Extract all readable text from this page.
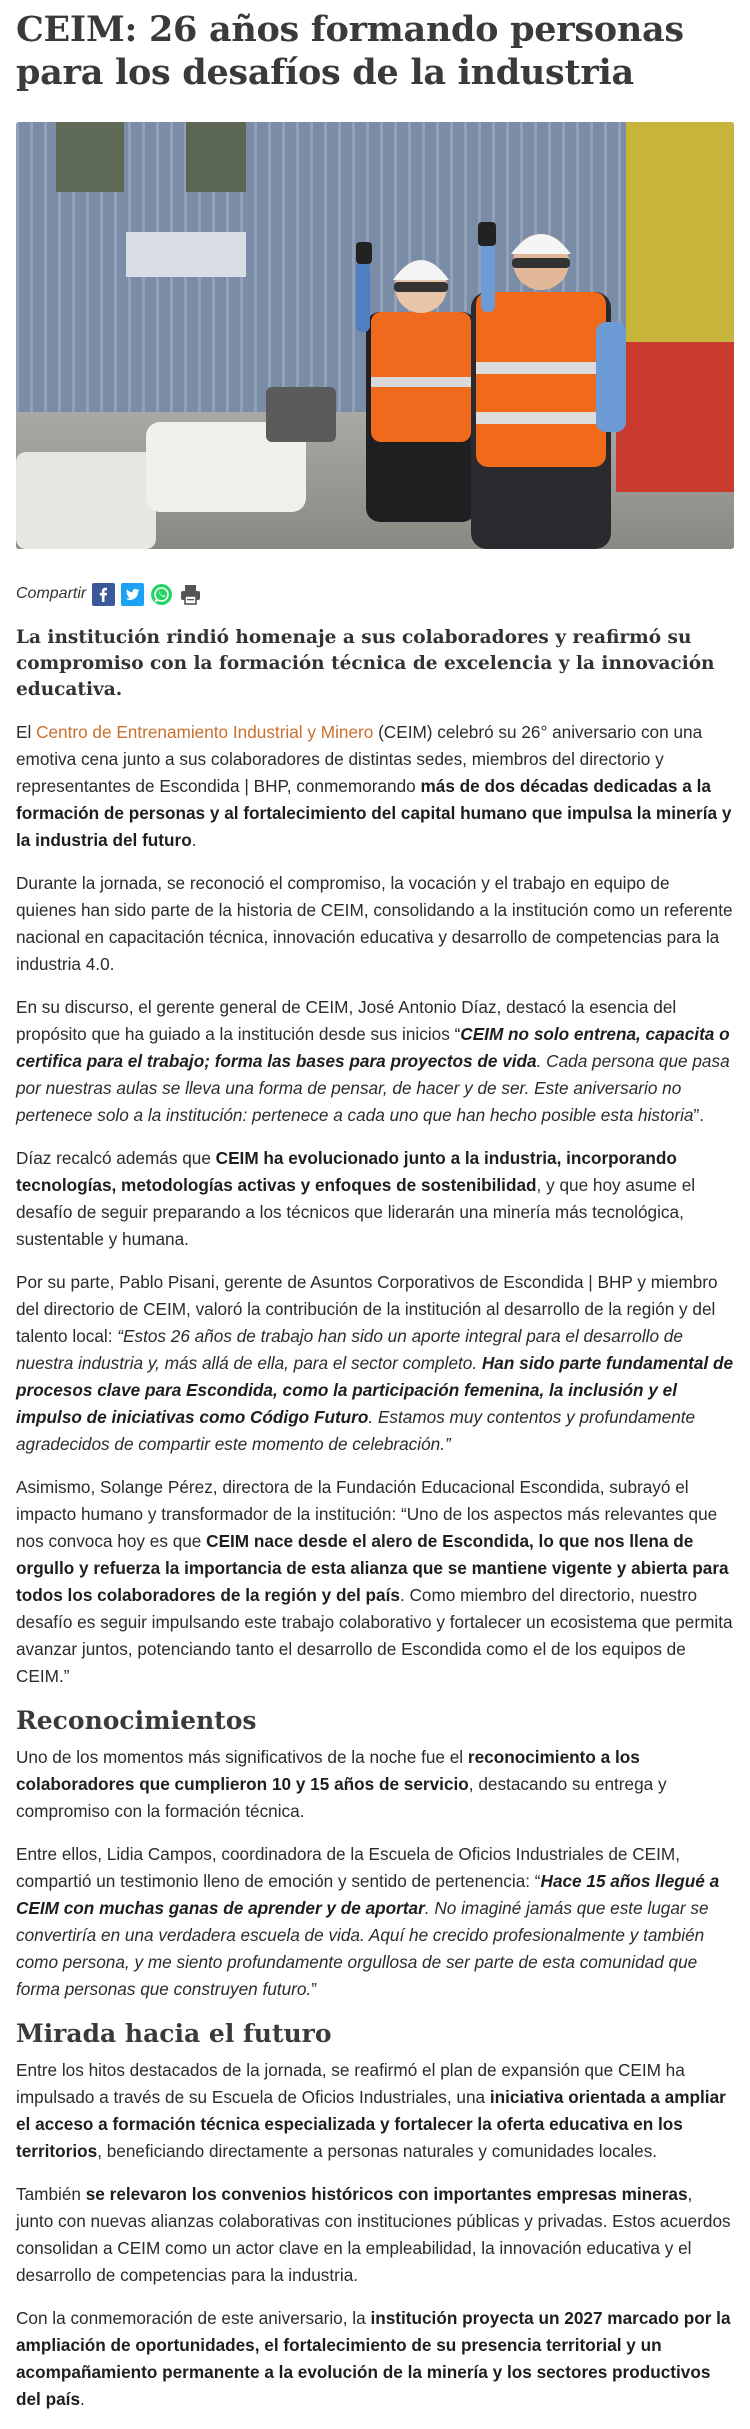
CEIM: 26 años formando personas para los desafíos de la industria
Compartir

La institución rindió homenaje a sus colaboradores y reafirmó su compromiso con la formación técnica de excelencia y la innovación educativa.

El Centro de Entrenamiento Industrial y Minero (CEIM) celebró su 26° aniversario con una emotiva cena junto a sus colaboradores de distintas sedes, miembros del directorio y representantes de Escondida | BHP, conmemorando más de dos décadas dedicadas a la formación de personas y al fortalecimiento del capital humano que impulsa la minería y la industria del futuro.

Durante la jornada, se reconoció el compromiso, la vocación y el trabajo en equipo de quienes han sido parte de la historia de CEIM, consolidando a la institución como un referente nacional en capacitación técnica, innovación educativa y desarrollo de competencias para la industria 4.0.

En su discurso, el gerente general de CEIM, José Antonio Díaz, destacó la esencia del propósito que ha guiado a la institución desde sus inicios “CEIM no solo entrena, capacita o certifica para el trabajo; forma las bases para proyectos de vida. Cada persona que pasa por nuestras aulas se lleva una forma de pensar, de hacer y de ser. Este aniversario no pertenece solo a la institución: pertenece a cada uno que han hecho posible esta historia”.

Díaz recalcó además que CEIM ha evolucionado junto a la industria, incorporando tecnologías, metodologías activas y enfoques de sostenibilidad, y que hoy asume el desafío de seguir preparando a los técnicos que liderarán una minería más tecnológica, sustentable y humana.

Por su parte, Pablo Pisani, gerente de Asuntos Corporativos de Escondida | BHP y miembro del directorio de CEIM, valoró la contribución de la institución al desarrollo de la región y del talento local: “Estos 26 años de trabajo han sido un aporte integral para el desarrollo de nuestra industria y, más allá de ella, para el sector completo. Han sido parte fundamental de procesos clave para Escondida, como la participación femenina, la inclusión y el impulso de iniciativas como Código Futuro. Estamos muy contentos y profundamente agradecidos de compartir este momento de celebración.”

Asimismo, Solange Pérez, directora de la Fundación Educacional Escondida, subrayó el impacto humano y transformador de la institución: “Uno de los aspectos más relevantes que nos convoca hoy es que CEIM nace desde el alero de Escondida, lo que nos llena de orgullo y refuerza la importancia de esta alianza que se mantiene vigente y abierta para todos los colaboradores de la región y del país. Como miembro del directorio, nuestro desafío es seguir impulsando este trabajo colaborativo y fortalecer un ecosistema que permita avanzar juntos, potenciando tanto el desarrollo de Escondida como el de los equipos de CEIM.”

Reconocimientos

Uno de los momentos más significativos de la noche fue el reconocimiento a los colaboradores que cumplieron 10 y 15 años de servicio, destacando su entrega y compromiso con la formación técnica.

Entre ellos, Lidia Campos, coordinadora de la Escuela de Oficios Industriales de CEIM, compartió un testimonio lleno de emoción y sentido de pertenencia: “Hace 15 años llegué a CEIM con muchas ganas de aprender y de aportar. No imaginé jamás que este lugar se convertiría en una verdadera escuela de vida. Aquí he crecido profesionalmente y también como persona, y me siento profundamente orgullosa de ser parte de esta comunidad que forma personas que construyen futuro.”

Mirada hacia el futuro

Entre los hitos destacados de la jornada, se reafirmó el plan de expansión que CEIM ha impulsado a través de su Escuela de Oficios Industriales, una iniciativa orientada a ampliar el acceso a formación técnica especializada y fortalecer la oferta educativa en los territorios, beneficiando directamente a personas naturales y comunidades locales.

También se relevaron los convenios históricos con importantes empresas mineras, junto con nuevas alianzas colaborativas con instituciones públicas y privadas. Estos acuerdos consolidan a CEIM como un actor clave en la empleabilidad, la innovación educativa y el desarrollo de competencias para la industria.

Con la conmemoración de este aniversario, la institución proyecta un 2027 marcado por la ampliación de oportunidades, el fortalecimiento de su presencia territorial y un acompañamiento permanente a la evolución de la minería y los sectores productivos del país.
